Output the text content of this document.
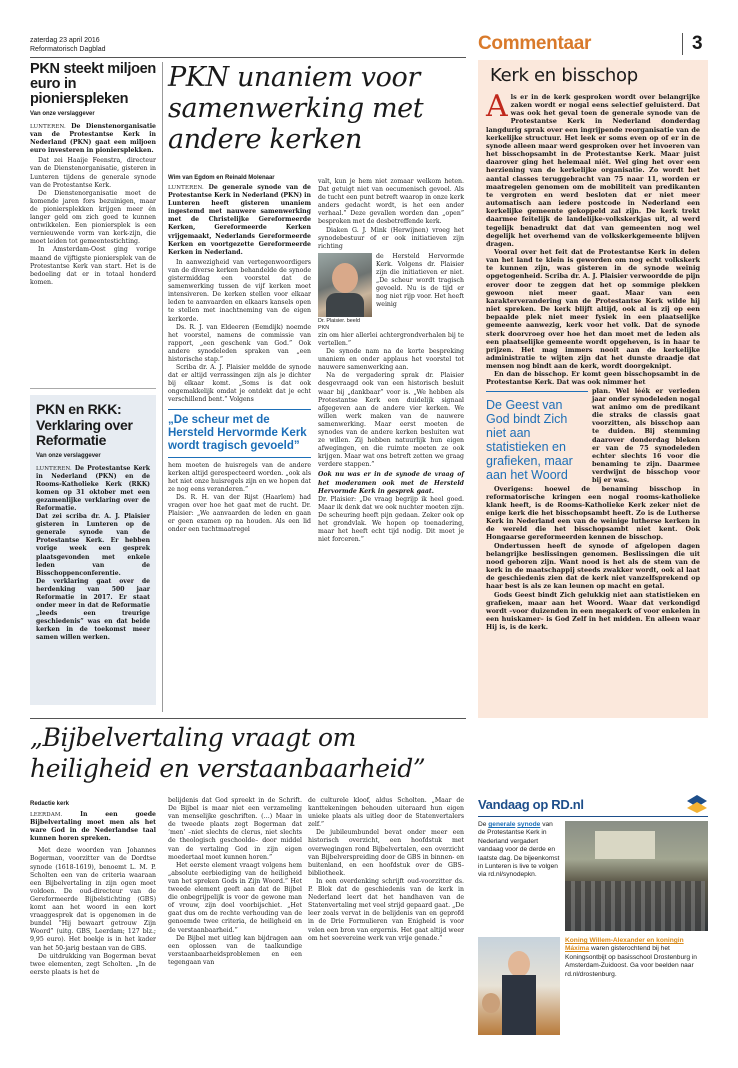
zaterdag 23 april 2016
Reformatorisch Dagblad	Commentaar	3
PKN steekt miljoen euro in pionierspleken
Van onze verslaggever
LUNTEREN. De Dienstenorganisatie van de Protestantse Kerk in Nederland (PKN) gaat een miljoen euro investeren in pioniersplekken.
Dat zei Haaije Feenstra, directeur van de Dienstenorganisatie, gisteren in Lunteren tijdens de generale synode van de Protestantse Kerk.
De Dienstenorganisatie moet de komende jaren fors bezuinigen, maar de pioniersplekken krijgen meer én langer geld om zich goed te kunnen ontwikkelen. Een pioniersplek is een vernieuwende vorm van kerk-zijn, die moet leiden tot gemeentestichting.
In Amsterdam-Oost ging vorige maand de vijftigste pioniersplek van de Protestantse Kerk van start. Het is de bedoeling dat er in totaal honderd komen.
PKN en RKK: Verklaring over Reformatie
Van onze verslaggever
LUNTEREN. De Protestantse Kerk in Nederland (PKN) en de Rooms-Katholieke Kerk (RKK) komen op 31 oktober met een gezamenlijke verklaring over de Reformatie.
Dat zei scriba dr. A. J. Plaisier gisteren in Lunteren op de generale synode van de Protestantse Kerk. Er hebben vorige week een gesprek plaatsgevonden met enkele leden van de Bisschoppenconferentie.
De verklaring gaat over de herdenking van 500 jaar Reformatie in 2017. Er staat onder meer in dat de Reformatie „leeds een treurige geschiedenis” was en dat beide kerken in de toekomst meer samen willen werken.
PKN unaniem voor samenwerking met andere kerken
Wim van Egdom en Reinald Molenaar
LUNTEREN. De generale synode van de Protestantse Kerk in Nederland (PKN) in Lunteren heeft gisteren unaniem ingestemd met nauwere samenwerking met de Christelijke Gereformeerde Kerken, Gereformeerde Kerken vrijgemaakt, Nederlands Gereformeerde Kerken en voortgezette Gereformeerde Kerken in Nederland.
In aanwezigheid van vertegenwoordigers van de diverse kerken behandelde de synode gistermiddag een voorstel dat de samenwerking tussen de vijf kerken moet intensiveren. De kerken stellen voor elkaar leden te aanvaarden en elkaars kansels open te stellen met inachtneming van de eigen kerkorde.
Ds. R. J. van Eldeeren (Eemdijk) noemde het voorstel, namens de commissie van rapport, „een geschenk van God.” Ook andere synodeleden spraken van „een historische stap.”
Scriba dr. A. J. Plaisier meldde de synode dat er altijd verrassingen zijn als je dichter bij elkaar komt. „Soms is dat ook ongemakkelijk omdat je ontdekt dat je echt verschillend bent.” Volgens
„De scheur met de Hersteld Hervormde Kerk wordt tragisch gevoeld”
hem moeten de huisregels van de andere kerken altijd gerespecteerd worden. „ook als het niet onze huisregels zijn en we hopen dat ze nog eens veranderen.”
Ds. R. H. van der Rijst (Haarlem) had vragen over hoe het gaat met de rucht. Dr. Plaisier: „We aanvaarden de leden en gaan er geen examen op na houden. Als een lid onder een tuchtmaatregel
valt, kun je hem niet zomaar welkom heten. Dat getuigt niet van oecumenisch gevoel. Als de tucht een punt betreft waarop in onze kerk anders gedacht wordt, is het een ander verhaal.” Deze gevallen worden dan „open” besproken met de desbetreffende kerk.
Diaken G. J. Mink (Herwijnen) vroeg het synodebestuur of er ook initiatieven zijn richting
Dr. Plaisier. beeld PKN
de Hersteld Hervormde Kerk. Volgens dr. Plaisier zijn die initiatieven er niet. „De scheur wordt tragisch gevoeld. Nu is de tijd er nog niet rijp voor. Het heeft weinig
zin om hier allerlei achtergrondverhalen bij te vertellen.”
De synode nam na de korte bespreking unaniem en onder applaus het voorstel tot nauwere samenwerking aan.
Na de vergadering sprak dr. Plaisier desgevraagd ook van een historisch besluit waar bij „dankbaar” voor is. „We hebben als Protestantse Kerk een duidelijk signaal afgegeven aan de andere vier kerken. We willen werk maken van de nauwere samenwerking. Maar eerst moeten de synodes van de andere kerken besluiten wat ze willen. Zij hebben natuurlijk hun eigen afwegingen, en die ruimte moeten ze ook krijgen. Maar wat ons betreft zetten we graag verdere stappen.”
Ook nu was er in de synode de vraag of het moderamen ook met de Hersteld Hervormde Kerk in gesprek gaat.
Dr. Plaisier: „De vraag begrijp ik heel goed. Maar ik denk dat we ook nuchter moeten zijn. De scheuring heeft pijn gedaan. Zeker ook op het grondvlak. We hopen op toenadering, maar het heeft echt tijd nodig. Dit moet je niet forceren.”
Kerk en bisschop
A ls er in de kerk gesproken wordt over belangrijke zaken wordt er nogal eens selectief geluisterd. Dat was ook het geval toen de generale synode van de Protestantse Kerk in Nederland donderdag langdurig sprak over een ingrijpende reorganisatie van de kerkelijke structuur. Het leek er soms even op of er in de synode alleen maar werd gesproken over het invoeren van het bisschopsambt in de Protestantse Kerk. Maar juist daarover ging het helemaal niét. Wel ging het over een herziening van de kerkelijke organisatie. Zo wordt het aantal classes teruggebracht van 75 naar 11, worden er maatregelen genomen om de mobiliteit van predikanten te vergroten en werd besloten dat er niet meer automatisch aan iedere postcode in Nederland een kerkelijke gemeente gekoppeld zal zijn. De kerk trekt daarmee feitelijk de landelijke-volkskerkjas uit, al werd tegelijk benadrukt dat dat van gemeenten nog wel degelijk het overhemd van de volkskerkgemeente blijven dragen.
Vooral over het feit dat de Protestantse Kerk in delen van het land te klein is geworden om nog echt volkskerk te kunnen zijn, was gisteren in de synode weinig opgetogenheid. Scriba dr. A. J. Plaisier verwoordde de pijn erover door te zeggen dat het op sommige plekken gewoon niet meer gaat. Maar van een karakterverandering van de Protestantse Kerk wilde hij niet spreken. De kerk blijft altijd, ook al is zij op een bepaalde plek niet meer fysiek in een plaatselijke gemeente aanwezig, kerk voor het volk. Dat de synode sterk doorvroeg over hoe het dan moet met de leden als een plaatselijke gemeente wordt opgeheven, is in haar te prijzen. Het mag immers nooit aan de kerkelijke administratie te wijten zijn dat het dunste draadje dat mensen nog bindt aan de kerk, wordt doorgeknipt.
En dan de bisschop. Er komt geen bisschopsambt in de Protestantse Kerk. Dat was ook nimmer het
De Geest van God bindt Zich niet aan statistieken en grafieken, maar aan het Woord
plan. Wel léék er verleden jaar onder synodeleden nogal wat animo om de predikant die straks de classis gaat voorzitten, als bisschop aan te duiden. Bij stemming daarover donderdag bleken er van de 75 synodeleden echter slechts 16 voor die benaming te zijn. Daarmee verdwijnt de bisschop voor bij er was.
Overigens: hoewel de benaming bisschop in reformatorische kringen een nogal rooms-katholieke klank heeft, is de Rooms-Katholieke Kerk zeker niet de enige kerk die het bisschopsambt heeft. Zo is de Lutherse Kerk in Nederland een van de weinige lutherse kerken in de wereld die het bisschopsambt niet kent. Ook Hongaarse gereformeerden kennen de bisschop.
Ondertussen heeft de synode of afgelopen dagen belangrijke beslissingen genomen. Beslissingen die uit nood geboren zijn. Want nood is het als de stem van de kerk in de maatschappij steeds zwakker wordt, ook al laat de geschiedenis zien dat de kerk niet vanzelfsprekend op haar best is als ze kan leunen op macht en getal.
Gods Geest bindt Zich gelukkig niet aan statistieken en grafieken, maar aan het Woord. Waar dat verkondigd wordt –voor duizenden in een megakerk of voor enkelen in een huiskamer– is God Zelf in het midden. En alleen waar Hij is, is de kerk.
„Bijbelvertaling vraagt om heiligheid en verstaanbaarheid”
Redactie kerk
LEERDAM.	In een goede Bijbelvertaling moet men als het ware God in de Nederlandse taal kunnen horen spreken.
Met deze woorden van Johannes Bogerman, voorzitter van de Dordtse synode (1618-1619), benoemt L. M. P. Scholten een van de criteria waaraan een Bijbelvertaling in zijn ogen moet voldoen. De oud-directeur van de Gereformeerde Bijbelstichting (GBS) komt aan het woord in een kort vraaggesprek dat is opgenomen in de bundel “Hij bewaart getrouw Zijn Woord” (uitg. GBS, Leerdam; 127 blz.; 9,95 euro). Het boekje is in het kader van het 50-jarig bestaan van de GBS.
De uitdrukking van Bogerman bevat twee elementen, zegt Scholten. „In de eerste plaats is het de
belijdenis dat God spreekt in de Schrift. De Bijbel is maar niet een verzameling van menselijke geschriften. (…) Maar in de tweede plaats zegt Bogerman dat ‘men’ –niet slechts de clerus, niet slechts de theologisch geschoolde– door middel van de vertaling God in zijn eigen moedertaal moet kunnen horen.”
Het eerste element vraagt volgens hem „absolute eerbiediging van de heiligheid van het spreken Gods in Zijn Woord.” Het tweede element geeft aan dat de Bijbel die onbegrijpelijk is voor de gewone man of vrouw, zijn doel voorbijschiet. „Het gaat dus om de rechte verhouding van de genoemde twee criteria, de heiligheid en de verstaanbaarheid.”
De Bijbel met uitleg kan bijdragen aan een oplossen van de taalkundige verstaanbaarheidsproblemen en een tegengaan van
de culturele kloof, aldus Scholten. „Maar de kanttekeningen behouden uiteraard hun eigen unieke plaats als uitleg door de Statenvertalers zelf.”
De jubileumbundel bevat onder meer een historisch overzicht, een hoofdstuk met overwegingen rond Bijbelvertalen, een overzicht van Bijbelverspreiding door de GBS in binnen- en buitenland, en een hoofdstuk over de GBS-bibliotheek.
In een overdenking schrijft oud-voorzitter ds. P. Blok dat de geschiedenis van de kerk in Nederland leert dat het handhaven van de Statenvertaling met veel strijd gepaard gaat. „De leer zoals vervat in de belijdenis van en geprofd in de Drie Formulieren van Enigheid is voor velen een bron van ergernis. Het gaat altijd weer om het soevereine werk van vrije genade.”
Vandaag op RD.nl
De generale synode van de Protestantse Kerk in Nederland vergadert vandaag voor de derde en laatste dag. De bijeenkomst in Lunteren is live te volgen via rd.nl/synodepkn.
Koning Willem-Alexander en koningin Máxima waren gisterochtend bij het Koningsontbijt op basisschool Drostenburg in Amsterdam-Zuidoost. Ga voor beelden naar rd.nl/drostenburg.
